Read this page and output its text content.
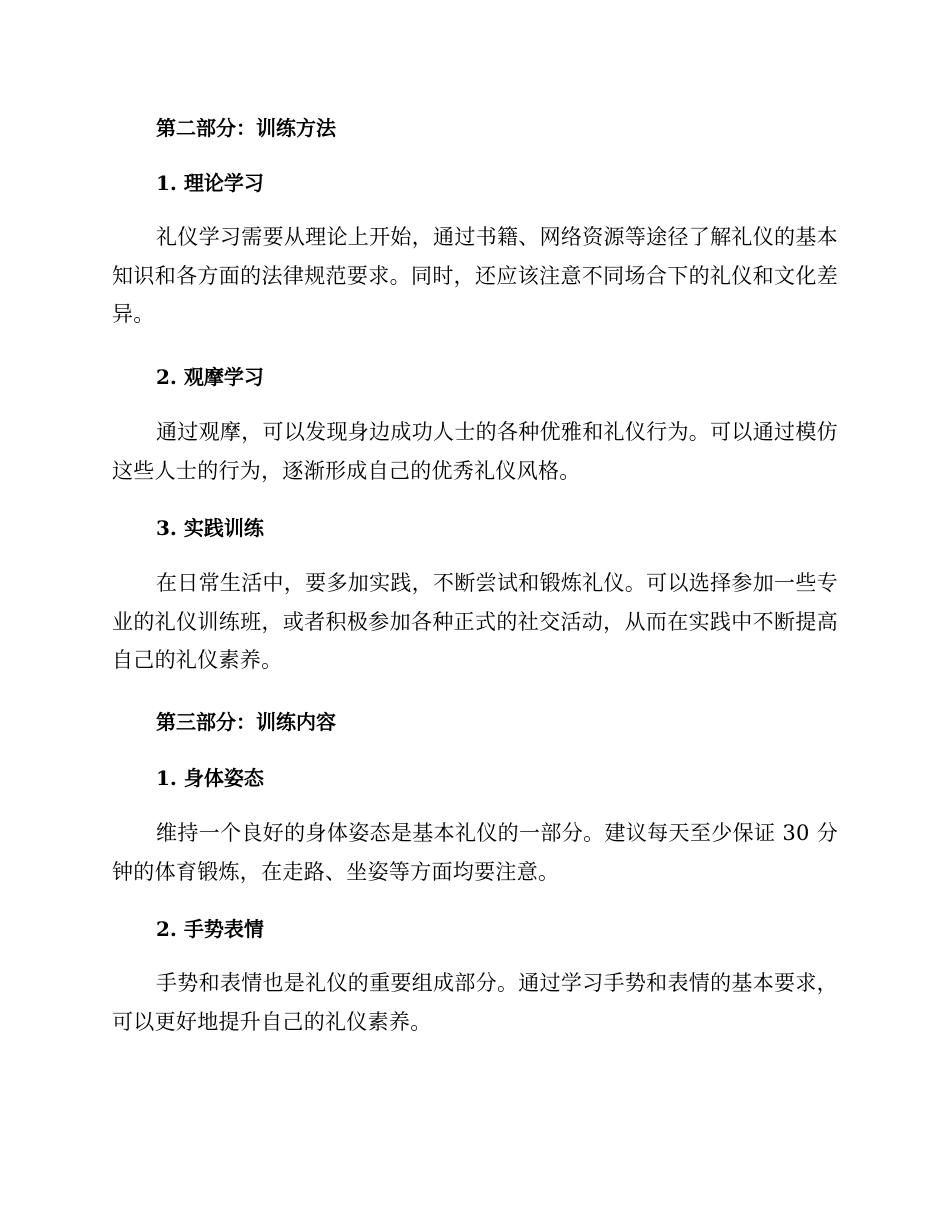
第二部分：训练方法
1. 理论学习

礼仪学习需要从理论上开始，通过书籍、网络资源等途径了解礼仪的基本知识和各方面的法律规范要求。同时，还应该注意不同场合下的礼仪和文化差异。

2. 观摩学习

通过观摩，可以发现身边成功人士的各种优雅和礼仪行为。可以通过模仿这些人士的行为，逐渐形成自己的优秀礼仪风格。

3. 实践训练

在日常生活中，要多加实践，不断尝试和锻炼礼仪。可以选择参加一些专业的礼仪训练班，或者积极参加各种正式的社交活动，从而在实践中不断提高自己的礼仪素养。

第三部分：训练内容
1. 身体姿态

维持一个良好的身体姿态是基本礼仪的一部分。建议每天至少保证 30 分钟的体育锻炼，在走路、坐姿等方面均要注意。

2. 手势表情

手势和表情也是礼仪的重要组成部分。通过学习手势和表情的基本要求，可以更好地提升自己的礼仪素养。
